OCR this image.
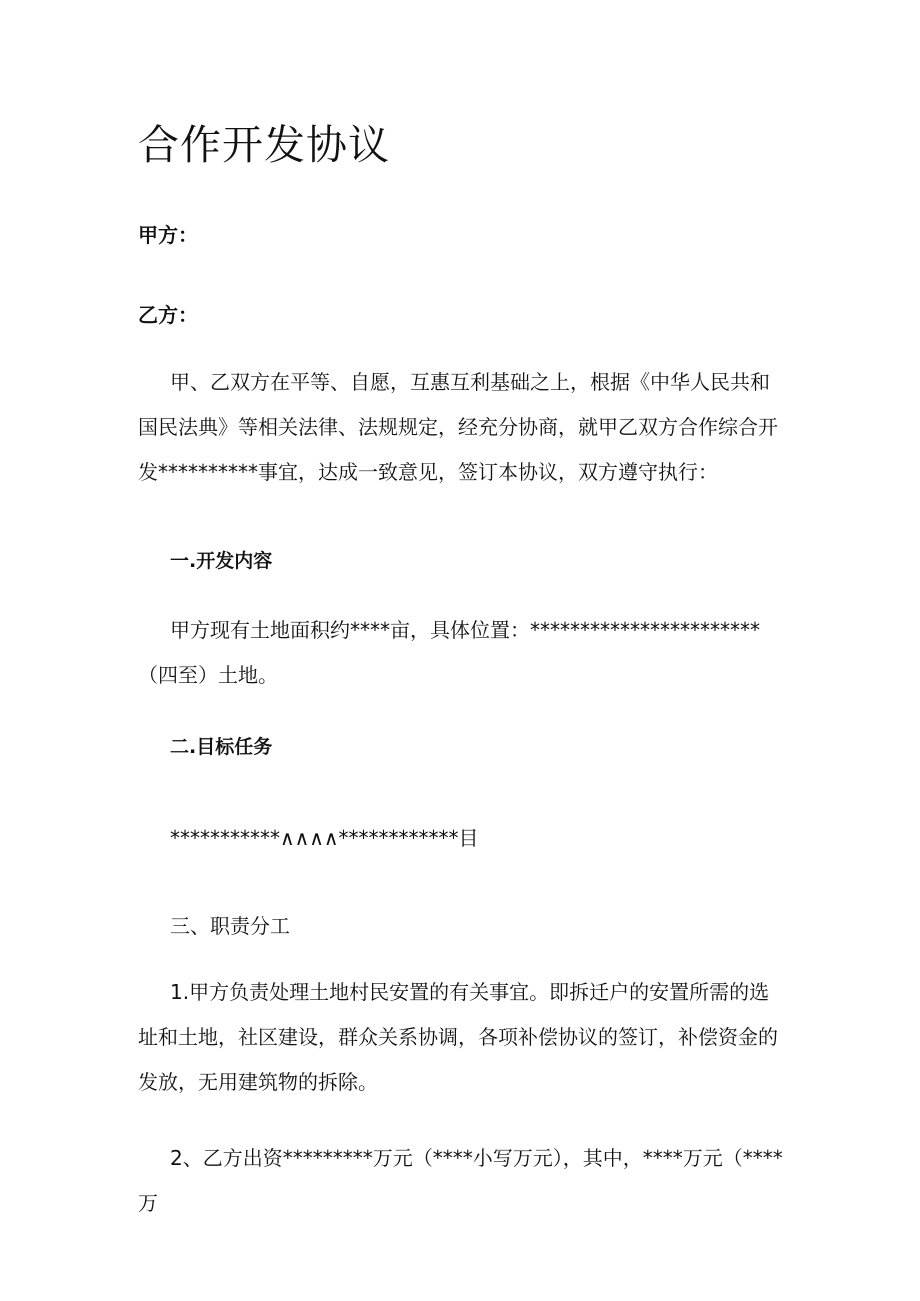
合作开发协议
甲方：
乙方：

甲、乙双方在平等、自愿，互惠互利基础之上，根据《中华人民共和国民法典》等相关法律、法规规定，经充分协商，就甲乙双方合作综合开发**********事宜，达成一致意见，签订本协议，双方遵守执行：

一.开发内容

甲方现有土地面积约****亩，具体位置：***********************（四至）土地。

二.目标任务
***********∧∧∧∧************目
三、职责分工

1.甲方负责处理土地村民安置的有关事宜。即拆迁户的安置所需的选址和土地，社区建设，群众关系协调，各项补偿协议的签订，补偿资金的发放，无用建筑物的拆除。

2、乙方出资*********万元（****小写万元），其中，****万元（****万
